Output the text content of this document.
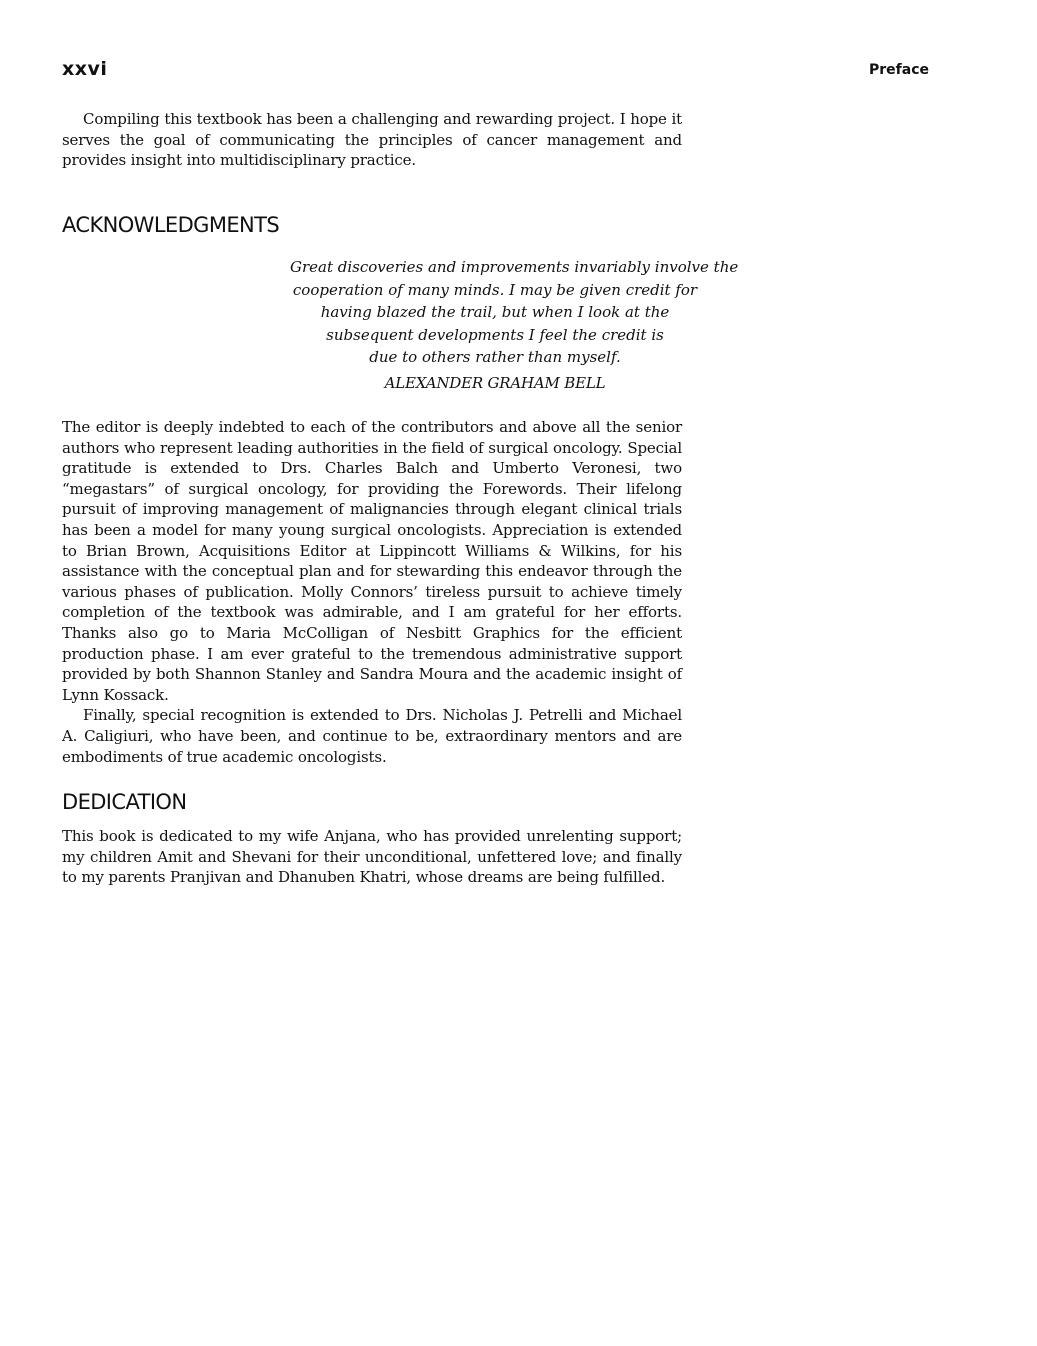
xxvi	Preface

Compiling this textbook has been a challenging and rewarding project. I hope it serves the goal of communicating the principles of cancer management and provides insight into multidisciplinary practice.

ACKNOWLEDGMENTS
Great discoveries and improvements invariably involve the
cooperation of many minds. I may be given credit for
having blazed the trail, but when I look at the
subsequent developments I feel the credit is
due to others rather than myself.
ALEXANDER GRAHAM BELL

The editor is deeply indebted to each of the contributors and above all the senior authors who represent leading authorities in the field of surgical oncology. Special gratitude is extended to Drs. Charles Balch and Umberto Veronesi, two “megastars” of surgical oncology, for providing the Forewords. Their lifelong pursuit of improving management of malignancies through elegant clinical trials has been a model for many young surgical oncologists. Appreciation is extended to Brian Brown, Acquisitions Editor at Lippincott Williams & Wilkins, for his assistance with the conceptual plan and for stewarding this endeavor through the various phases of publication. Molly Connors’ tireless pursuit to achieve timely completion of the textbook was admirable, and I am grateful for her efforts. Thanks also go to Maria McColligan of Nesbitt Graphics for the efficient production phase. I am ever grateful to the tremendous administrative support provided by both Shannon Stanley and Sandra Moura and the academic insight of Lynn Kossack.

Finally, special recognition is extended to Drs. Nicholas J. Petrelli and Michael A. Caligiuri, who have been, and continue to be, extraordinary mentors and are embodiments of true academic oncologists.

DEDICATION

This book is dedicated to my wife Anjana, who has provided unrelenting support; my children Amit and Shevani for their unconditional, unfettered love; and finally to my parents Pranjivan and Dhanuben Khatri, whose dreams are being fulfilled.
